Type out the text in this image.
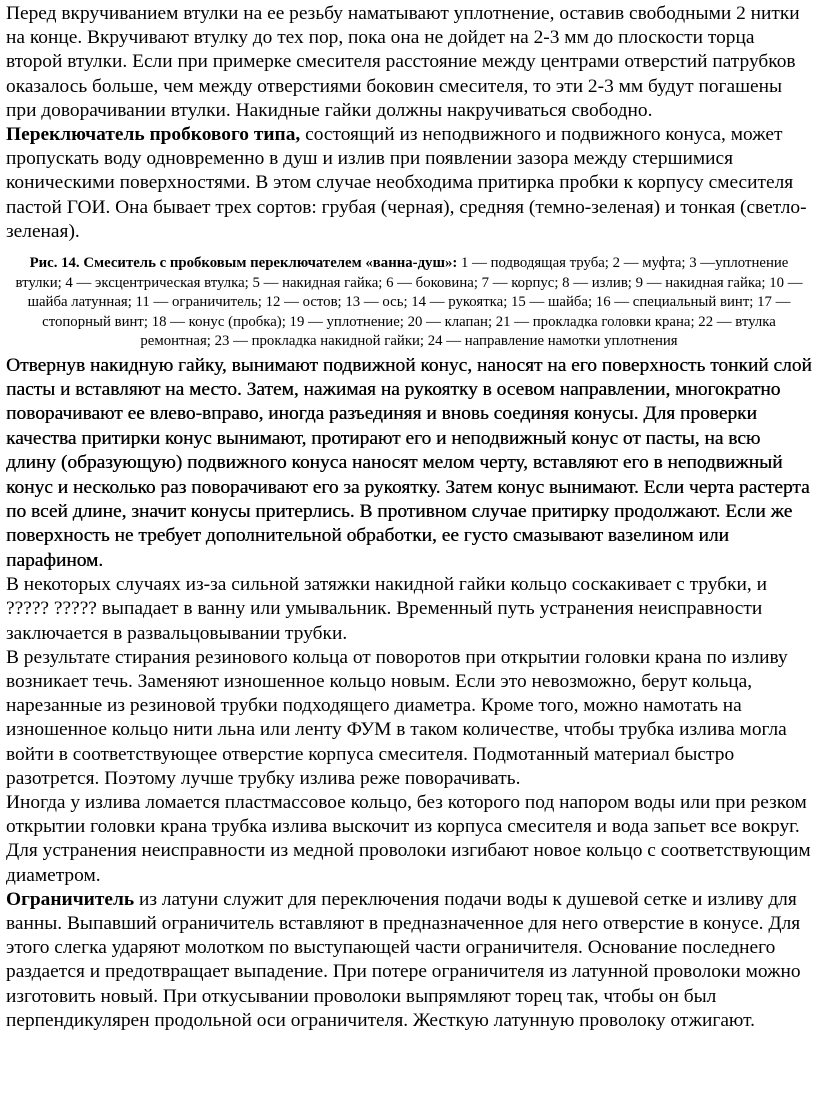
Перед вкручиванием втулки на ее резьбу наматывают уплотнение, оставив свободными 2 нитки на конце. Вкручивают втулку до тех пор, пока она не дойдет на 2-3 мм до плоскости торца второй втулки. Если при примерке смесителя расстояние между центрами отверстий патрубков оказалось больше, чем между отверстиями боковин смесителя, то эти 2-3 мм будут погашены при доворачивании втулки. Накидные гайки должны накручиваться свободно.

Переключатель пробкового типа, состоящий из неподвижного и подвижного конуса, может пропускать воду одновременно в душ и излив при появлении зазора между стершимися коническими поверхностями. В этом случае необходима притирка пробки к корпусу смесителя пастой ГОИ. Она бывает трех сортов: грубая (черная), средняя (темно-зеленая) и тонкая (светло-зеленая).

Рис. 14. Смеситель с пробковым переключателем «ванна-душ»: 1 — подводящая труба; 2 — муфта; 3 —уплотнение втулки; 4 — эксцентрическая втулка; 5 — накидная гайка; 6 — боковина; 7 — корпус; 8 — излив; 9 — накидная гайка; 10 — шайба латунная; 11 — ограничитель; 12 — остов; 13 — ось; 14 — рукоятка; 15 — шайба; 16 — специальный винт; 17 — стопорный винт; 18 — конус (пробка); 19 — уплотнение; 20 — клапан; 21 — прокладка головки крана; 22 — втулка ремонтная; 23 — прокладка накидной гайки; 24 — направление намотки уплотнения

Отвернув накидную гайку, вынимают подвижной конус, наносят на его поверхность тонкий слой пасты и вставляют на место. Затем, нажимая на рукоятку в осевом направлении, многократно поворачивают ее влево-вправо, иногда разъединяя и вновь соединяя конусы. Для проверки качества притирки конус вынимают, протирают его и неподвижный конус от пасты, на всю длину (образующую) подвижного конуса наносят мелом черту, вставляют его в неподвижный конус и несколько раз поворачивают его за рукоятку. Затем конус вынимают. Если черта растерта по всей длине, значит конусы притерлись. В противном случае притирку продолжают. Если же поверхность не требует дополнительной обработки, ее густо смазывают вазелином или парафином.

В некоторых случаях из-за сильной затяжки накидной гайки кольцо соскакивает с трубки, и ????? ????? выпадает в ванну или умывальник. Временный путь устранения неисправности заключается в развальцовывании трубки.

В результате стирания резинового кольца от поворотов при открытии головки крана по изливу возникает течь. Заменяют изношенное кольцо новым. Если это невозможно, берут кольца, нарезанные из резиновой трубки подходящего диаметра. Кроме того, можно намотать на изношенное кольцо нити льна или ленту ФУМ в таком количестве, чтобы трубка излива могла войти в соответствующее отверстие корпуса смесителя. Подмотанный материал быстро разотрется. Поэтому лучше трубку излива реже поворачивать.

Иногда у излива ломается пластмассовое кольцо, без которого под напором воды или при резком открытии головки крана трубка излива выскочит из корпуса смесителя и вода запьет все вокруг. Для устранения неисправности из медной проволоки изгибают новое кольцо с соответствующим диаметром.

Ограничитель из латуни служит для переключения подачи воды к душевой сетке и изливу для ванны. Выпавший ограничитель вставляют в предназначенное для него отверстие в конусе. Для этого слегка ударяют молотком по выступающей части ограничителя. Основание последнего раздается и предотвращает выпадение. При потере ограничителя из латунной проволоки можно изготовить новый. При откусывании проволоки выпрямляют торец так, чтобы он был перпендикулярен продольной оси ограничителя. Жесткую латунную проволоку отжигают.
